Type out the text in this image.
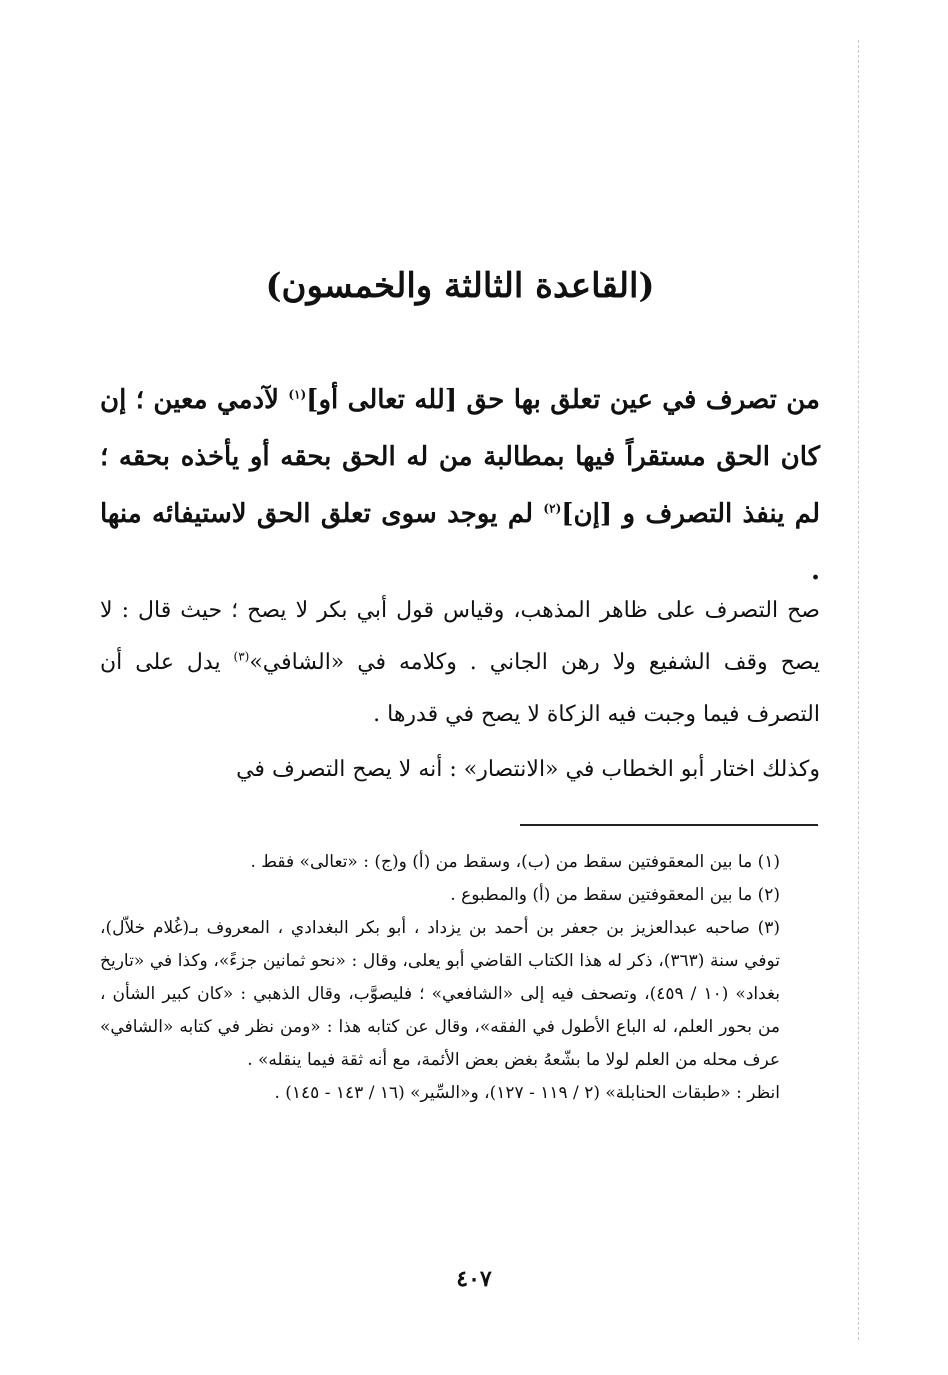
(القاعدة الثالثة والخمسون)
من تصرف في عين تعلق بها حق [لله تعالى أو]$^{(١)}$ لآدمي معين ؛ إن كان الحق مستقراً فيها بمطالبة من له الحق بحقه أو يأخذه بحقه ؛ لم ينفذ التصرف و [إن]$^{(٢)}$ لم يوجد سوى تعلق الحق لاستيفائه منها .
صح التصرف على ظاهر المذهب، وقياس قول أبي بكر لا يصح ؛ حيث قال : لا يصح وقف الشفيع ولا رهن الجاني . وكلامه في «الشافي»$^{(٣)}$ يدل على أن التصرف فيما وجبت فيه الزكاة لا يصح في قدرها .
وكذلك اختار أبو الخطاب في «الانتصار» : أنه لا يصح التصرف في

(١) ما بين المعقوفتين سقط من (ب)، وسقط من (أ) و(ج) : «تعالى» فقط .

(٢) ما بين المعقوفتين سقط من (أ) والمطبوع .

(٣) صاحبه عبدالعزيز بن جعفر بن أحمد بن يزداد ، أبو بكر البغدادي ، المعروف بـ(غُلام خلاّل)، توفي سنة (٣٦٣)، ذكر له هذا الكتاب القاضي أبو يعلى، وقال : «نحو ثمانين جزءً»، وكذا في «تاريخ بغداد» (١٠ / ٤٥٩)، وتصحف فيه إلى «الشافعي» ؛ فليصوَّب، وقال الذهبي : «كان كبير الشأن ، من بحور العلم، له الباع الأطول في الفقه»، وقال عن كتابه هذا : «ومن نظر في كتابه «الشافي» عرف محله من العلم لولا ما بشّعهُ بغض بعض الأئمة، مع أنه ثقة فيما ينقله» .

انظر : «طبقات الحنابلة» (٢ / ١١٩ - ١٢٧)، و«السِّير» (١٦ / ١٤٣ - ١٤٥) .

٤٠٧
